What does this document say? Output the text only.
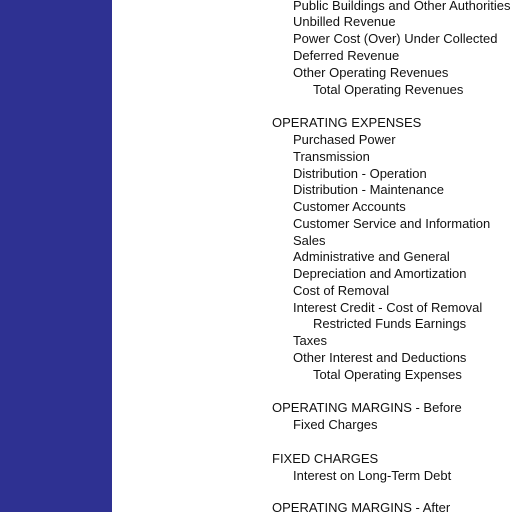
Public Buildings and Other Authorities
Unbilled Revenue
Power Cost (Over) Under Collected
Deferred Revenue
Other Operating Revenues
Total Operating Revenues
OPERATING EXPENSES
Purchased Power
Transmission
Distribution - Operation
Distribution - Maintenance
Customer Accounts
Customer Service and Information
Sales
Administrative and General
Depreciation and Amortization
Cost of Removal
Interest Credit - Cost of Removal
Restricted Funds Earnings
Taxes
Other Interest and Deductions
Total Operating Expenses
OPERATING MARGINS - Before
Fixed Charges
FIXED CHARGES
Interest on Long-Term Debt
OPERATING MARGINS - After
